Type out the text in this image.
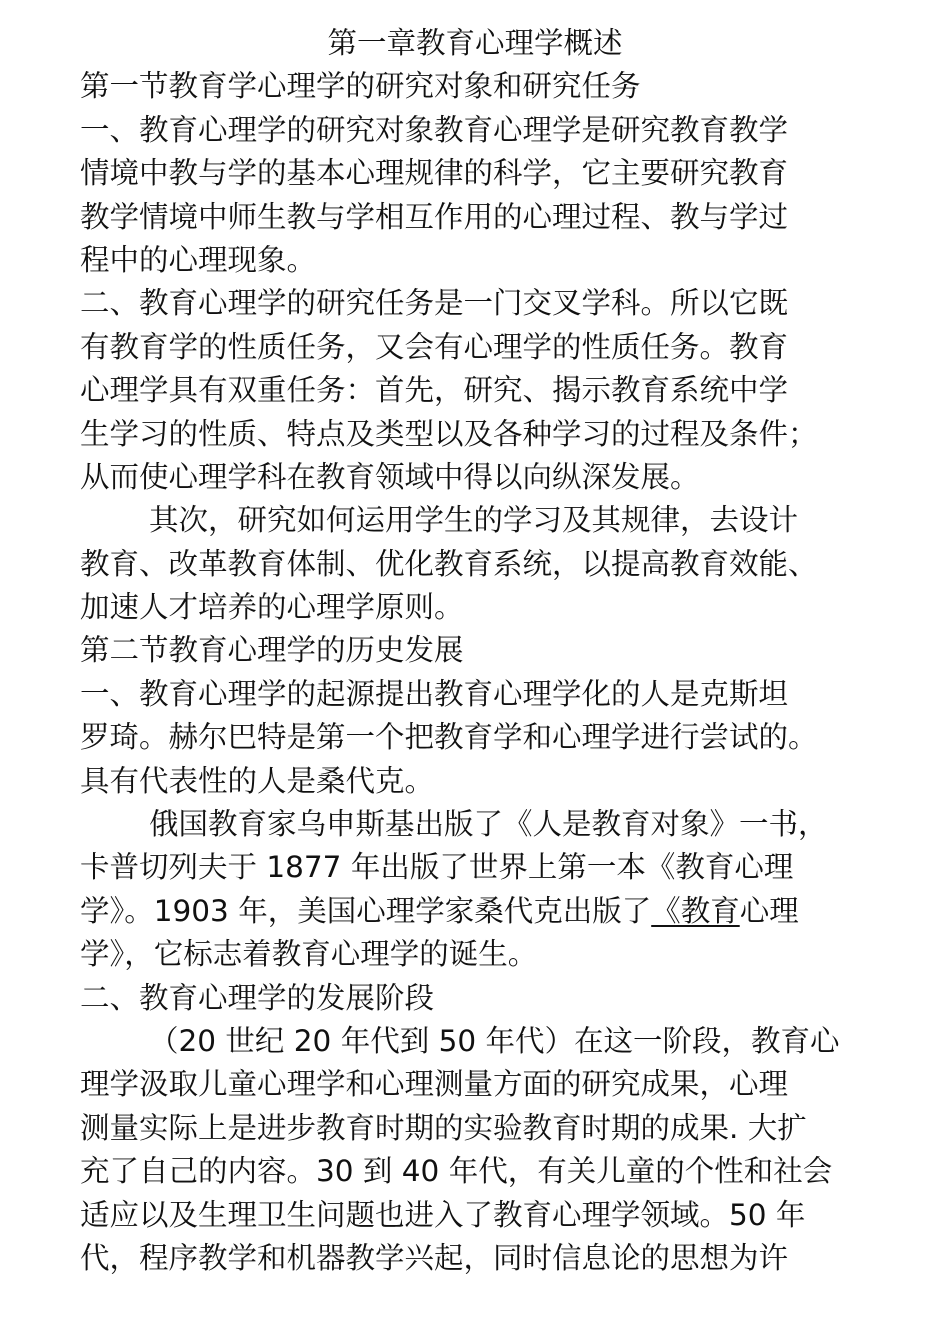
第一章教育心理学概述
第一节教育学心理学的研究对象和研究任务
一、教育心理学的研究对象教育心理学是研究教育教学
情境中教与学的基本心理规律的科学，它主要研究教育
教学情境中师生教与学相互作用的心理过程、教与学过
程中的心理现象。
二、教育心理学的研究任务是一门交叉学科。所以它既
有教育学的性质任务，又会有心理学的性质任务。教育
心理学具有双重任务：首先，研究、揭示教育系统中学
生学习的性质、特点及类型以及各种学习的过程及条件；
从而使心理学科在教育领域中得以向纵深发展。
其次，研究如何运用学生的学习及其规律，去设计
教育、改革教育体制、优化教育系统，以提高教育效能、
加速人才培养的心理学原则。
第二节教育心理学的历史发展
一、教育心理学的起源提出教育心理学化的人是克斯坦
罗琦。赫尔巴特是第一个把教育学和心理学进行尝试的。
具有代表性的人是桑代克。
俄国教育家乌申斯基出版了《人是教育对象》一书，
卡普切列夫于 1877 年出版了世界上第一本《教育心理
学》。1903 年，美国心理学家桑代克出版了《教育心理
学》，它标志着教育心理学的诞生。
二、教育心理学的发展阶段
（20 世纪 20 年代到 50 年代）在这一阶段，教育心
理学汲取儿童心理学和心理测量方面的研究成果，心理
测量实际上是进步教育时期的实验教育时期的成果. 大扩
充了自己的内容。30 到 40 年代，有关儿童的个性和社会
适应以及生理卫生问题也进入了教育心理学领域。50 年
代，程序教学和机器教学兴起，同时信息论的思想为许
